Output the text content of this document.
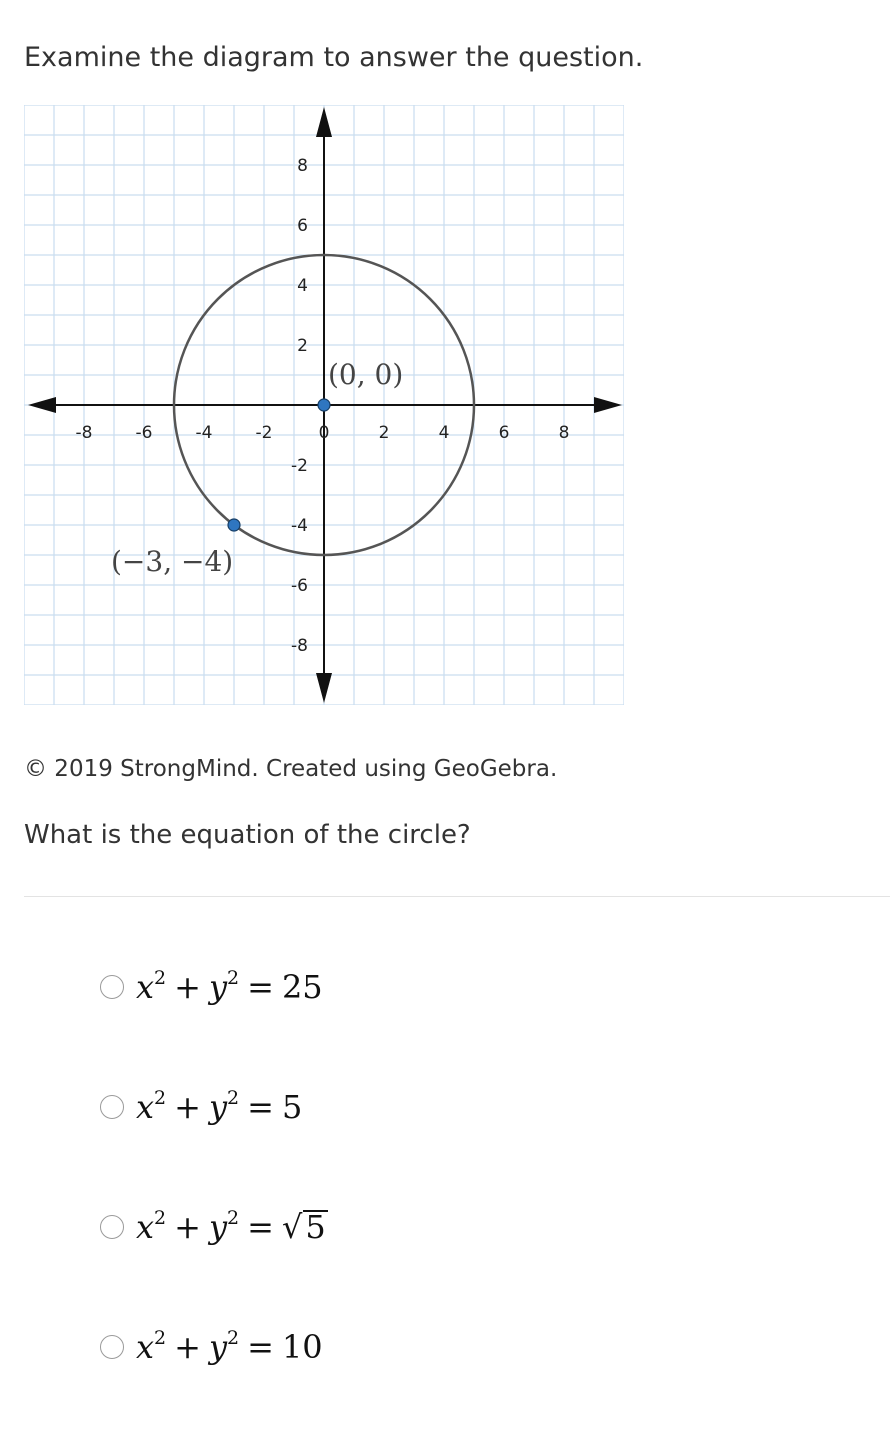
Examine the diagram to answer the question.
-8	-6	-4	-2	0	2	4	6	8
8
6
4
2
-2
-4
-6
-8
(0, 0)
(−3, −4)
© 2019 StrongMind. Created using GeoGebra.
What is the equation of the circle?
$x^2 + y^2 = 25$
$x^2 + y^2 = 5$
$x^2 + y^2 = √5$
$x^2 + y^2 = 10$
